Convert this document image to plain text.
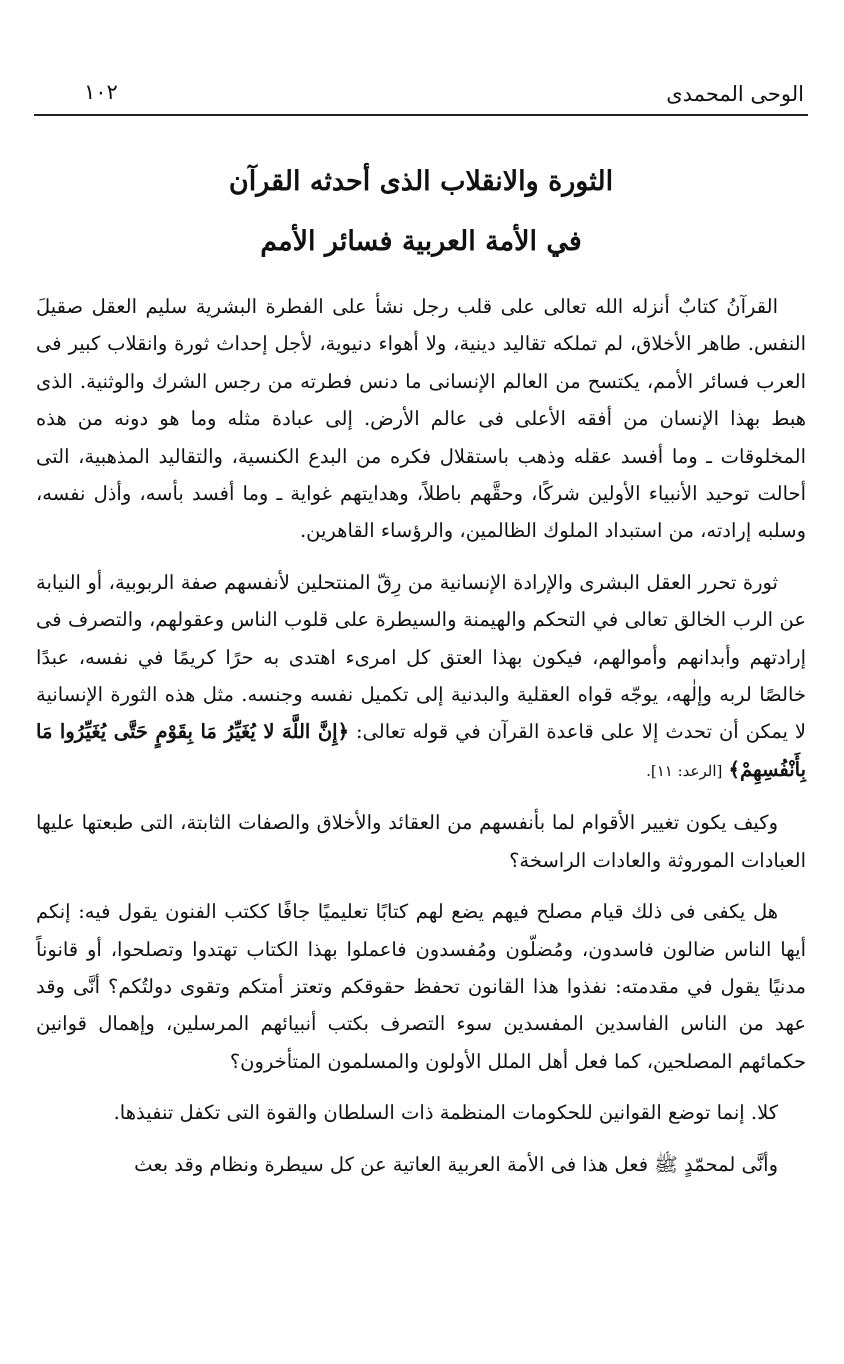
الوحى المحمدى
١٠٢
الثورة والانقلاب الذى أحدثه القرآن
في الأمة العربية فسائر الأمم

القرآنُ كتابٌ أنزله الله تعالى على قلب رجل نشأ على الفطرة البشرية سليم العقل صقيلَ النفس. طاهر الأخلاق، لم تملكه تقاليد دينية، ولا أهواء دنيوية، لأجل إحداث ثورة وانقلاب كبير فى العرب فسائر الأمم، يكتسح من العالم الإنسانى ما دنس فطرته من رجس الشرك والوثنية. الذى هبط بهذا الإنسان من أفقه الأعلى فى عالم الأرض. إلى عبادة مثله وما هو دونه من هذه المخلوقات ـ وما أفسد عقله وذهب باستقلال فكره من البدع الكنسية، والتقاليد المذهبية، التى أحالت توحيد الأنبياء الأولين شركًا، وحقَّهم باطلاً، وهدايتهم غواية ـ وما أفسد بأسه، وأذل نفسه، وسلبه إرادته، من استبداد الملوك الظالمين، والرؤساء القاهرين.

ثورة تحرر العقل البشرى والإرادة الإنسانية من رِقّ المنتحلين لأنفسهم صفة الربوبية، أو النيابة عن الرب الخالق تعالى في التحكم والهيمنة والسيطرة على قلوب الناس وعقولهم، والتصرف فى إرادتهم وأبدانهم وأموالهم، فيكون بهذا العتق كل امرىء اهتدى به حرًا كريمًا في نفسه، عبدًا خالصًا لربه وإلٰهه، يوجّه قواه العقلية والبدنية إلى تكميل نفسه وجنسه. مثل هذه الثورة الإنسانية لا يمكن أن تحدث إلا على قاعدة القرآن في قوله تعالى: ﴿إِنَّ اللَّهَ لا يُغَيِّرُ مَا بِقَوْمٍ حَتَّى يُغَيِّرُوا مَا بِأَنْفُسِهِمْ﴾ [الرعد: ١١].

وكيف يكون تغيير الأقوام لما بأنفسهم من العقائد والأخلاق والصفات الثابتة، التى طبعتها عليها العبادات الموروثة والعادات الراسخة؟

هل يكفى فى ذلك قيام مصلح فيهم يضع لهم كتابًا تعليميًا جافًا ككتب الفنون يقول فيه: إنكم أيها الناس ضالون فاسدون، ومُضلّون ومُفسدون فاعملوا بهذا الكتاب تهتدوا وتصلحوا، أو قانوناً مدنيًا يقول في مقدمته: نفذوا هذا القانون تحفظ حقوقكم وتعتز أمتكم وتقوى دولتُكم؟ أنَّى وقد عهد من الناس الفاسدين المفسدين سوء التصرف بكتب أنبيائهم المرسلين، وإهمال قوانين حكمائهم المصلحين، كما فعل أهل الملل الأولون والمسلمون المتأخرون؟

كلا. إنما توضع القوانين للحكومات المنظمة ذات السلطان والقوة التى تكفل تنفيذها.

وأنَّى لمحمّدٍ ﷺ فعل هذا فى الأمة العربية العاتية عن كل سيطرة ونظام وقد بعث
